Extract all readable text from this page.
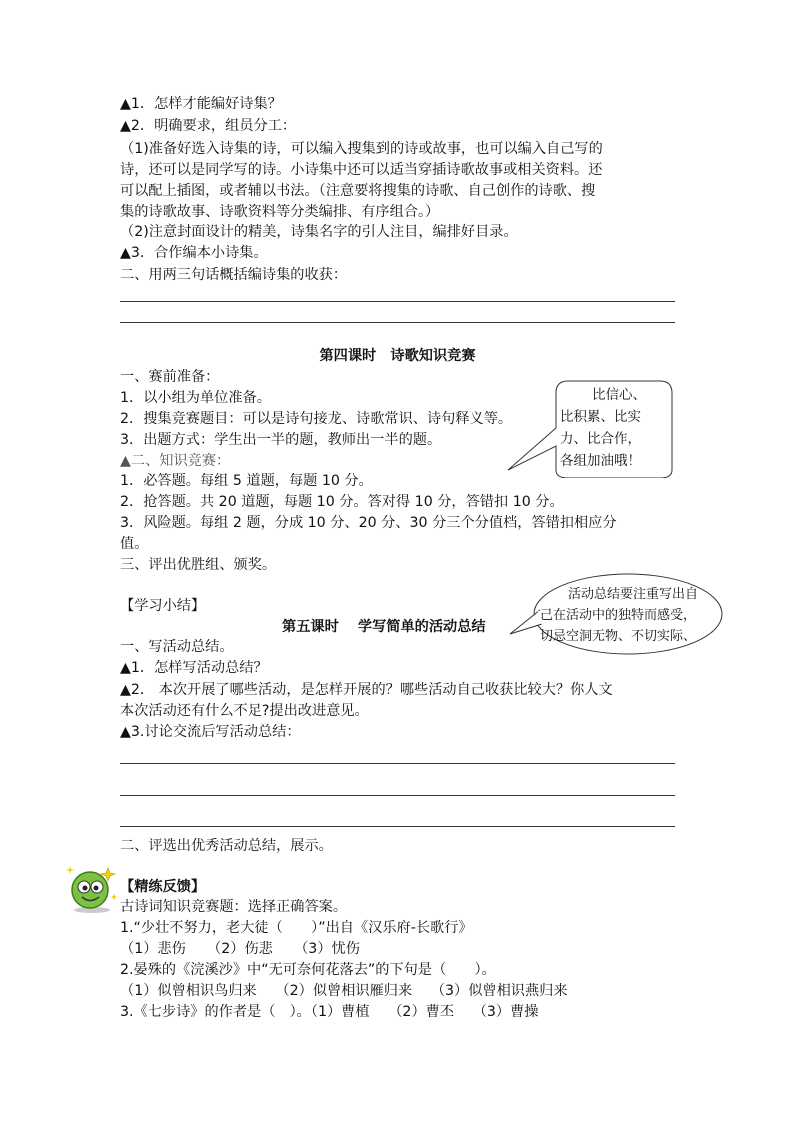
▲1．怎样才能编好诗集？
▲2．明确要求，组员分工：
（1)准备好选入诗集的诗，可以编入搜集到的诗或故事，也可以编入自己写的
诗，还可以是同学写的诗。小诗集中还可以适当穿插诗歌故事或相关资料。还
可以配上插图，或者辅以书法。（注意要将搜集的诗歌、自己创作的诗歌、搜
集的诗歌故事、诗歌资料等分类编排、有序组合。）
（2)注意封面设计的精美，诗集名字的引人注目，编排好目录。
▲3．合作编本小诗集。
二、用两三句话概括编诗集的收获：
第四课时　诗歌知识竞赛
一、赛前准备：
1．以小组为单位准备。
2．搜集竞赛题目：可以是诗句接龙、诗歌常识、诗句释义等。
3．出题方式：学生出一半的题，教师出一半的题。
▲二、知识竞赛：
1．必答题。每组 5 道题，每题 10 分。
2．抢答题。共 20 道题，每题 10 分。答对得 10 分，答错扣 10 分。
3．风险题。每组 2 题，分成 10 分、20 分、30 分三个分值档，答错扣相应分
值。
三、评出优胜组、颁奖。
比信心、
比积累、比实
力、比合作，
各组加油哦！
【学习小结】
第五课时　 学写简单的活动总结
一、写活动总结。
▲1．怎样写活动总结？
▲2． 本次开展了哪些活动，是怎样开展的？哪些活动自己收获比较大？你人文
本次活动还有什么不足?提出改进意见。
▲3.讨论交流后写活动总结：
二、评选出优秀活动总结，展示。
活动总结要注重写出自
己在活动中的独特而感受，
切忌空洞无物、不切实际、
【精练反馈】
古诗词知识竞赛题：选择正确答案。
1.“少壮不努力，老大徒（　　）”出自《汉乐府-长歌行》
（1）悲伤　　（2）伤悲　　（3）忧伤
2.晏殊的《浣溪沙》中“无可奈何花落去”的下句是（　　）。
（1）似曾相识鸟归来　 （2）似曾相识雁归来　 （3）似曾相识燕归来
3.《七步诗》的作者是（　）。（1）曹植　 （2）曹丕　 （3）曹操
